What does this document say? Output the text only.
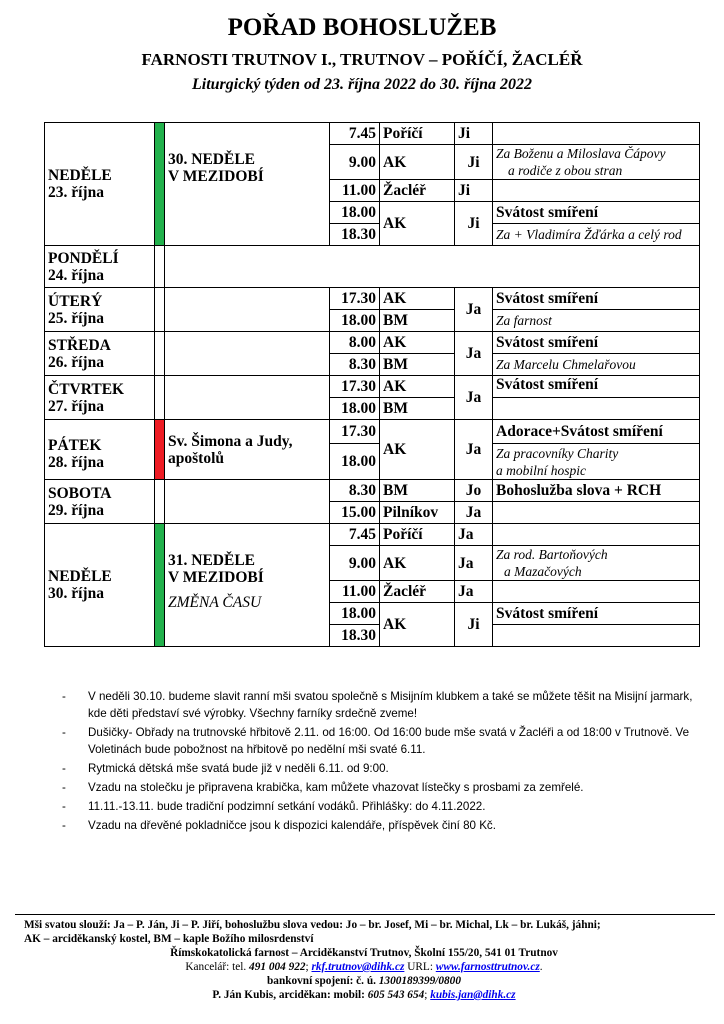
POŘAD BOHOSLUŽEB
FARNOSTI TRUTNOV I., TRUTNOV – POŘÍČÍ, ŽACLÉŘ
Liturgický týden od 23. října 2022 do 30. října 2022
NEDĚLE
23. října		30. NEDĚLE
V MEZIDOBÍ	7.45	Poříčí	Ji	
			9.00	AK	Ji	Za Boženu a Miloslava Čápovy
a rodiče z obou stran
			11.00	Žacléř	Ji	
			18.00	AK	Ji	Svátost smíření
			18.30			Za + Vladimíra Žďárka a celý rod
PONDĚLÍ
24. října						
ÚTERÝ
25. října			17.30	AK	Ja	Svátost smíření
			18.00	BM		Za farnost
STŘEDA
26. října			8.00	AK	Ja	Svátost smíření
			8.30	BM		Za Marcelu Chmelařovou
ČTVRTEK
27. října			17.30	AK	Ja	Svátost smíření
			18.00	BM		
PÁTEK
28. října		Sv. Šimona a Judy,
apoštolů	17.30	AK	Ja	Adorace+Svátost smíření
			18.00			Za pracovníky Charity
a mobilní hospic
SOBOTA
29. října			8.30	BM	Jo	Bohoslužba slova + RCH
			15.00	Pilníkov	Ja	
NEDĚLE
30. října		31. NEDĚLE
V MEZIDOBÍ
ZMĚNA ČASU	7.45	Poříčí	Ja	
			9.00	AK	Ja	Za rod. Bartoňových
a Mazačových
			11.00	Žacléř	Ja	
			18.00	AK	Ji	Svátost smíření
			18.30			
- V neděli 30.10. budeme slavit ranní mši svatou společně s Misijním klubkem a také se můžete těšit na Misijní jarmark, kde děti představí své výrobky. Všechny farníky srdečně zveme!
- Dušičky- Obřady na trutnovské hřbitově 2.11. od 16:00. Od 16:00 bude mše svatá v Žacléři a od 18:00 v Trutnově. Ve Voletinách bude pobožnost na hřbitově po nedělní mši svaté 6.11.
- Rytmická dětská mše svatá bude již v neděli 6.11. od 9:00.
- Vzadu na stolečku je připravena krabička, kam můžete vhazovat lístečky s prosbami za zemřelé.
- 11.11.-13.11. bude tradiční podzimní setkání vodáků. Přihlášky: do 4.11.2022.
- Vzadu na dřevěné pokladničce jsou k dispozici kalendáře, příspěvek činí 80 Kč.
Mši svatou slouží: Ja – P. Ján, Ji – P. Jiří, bohoslužbu slova vedou: Jo – br. Josef, Mi – br. Michal, Lk – br. Lukáš, jáhni;
AK – arciděkanský kostel, BM – kaple Božího milosrdenství
Římskokatolická farnost – Arciděkanství Trutnov, Školní 155/20, 541 01 Trutnov
Kancelář: tel. 491 004 922; rkf.trutnov@dihk.cz URL: www.farnosttrutnov.cz.
bankovní spojení: č. ú. 1300189399/0800
P. Ján Kubis, arciděkan: mobil: 605 543 654; kubis.jan@dihk.cz
